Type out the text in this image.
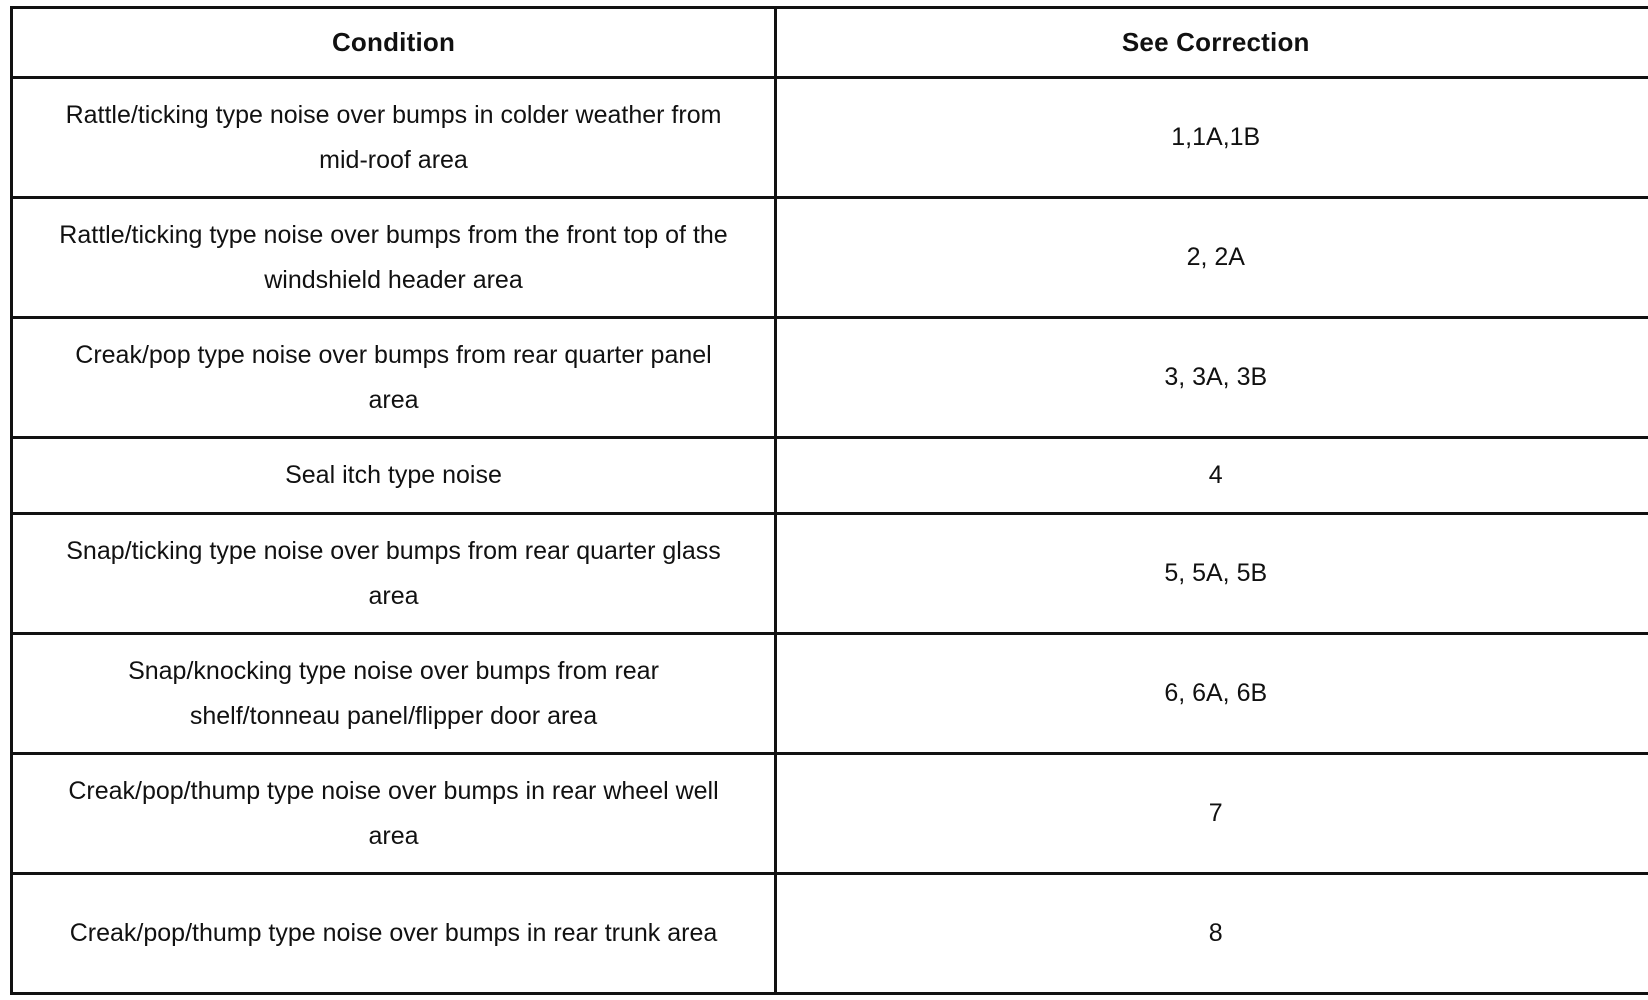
Condition	See Correction
Rattle/ticking type noise over bumps in colder weather from mid-roof area	1,1A,1B
Rattle/ticking type noise over bumps from the front top of the windshield header area	2, 2A
Creak/pop type noise over bumps from rear quarter panel area	3, 3A, 3B
Seal itch type noise	4
Snap/ticking type noise over bumps from rear quarter glass area	5, 5A, 5B
Snap/knocking type noise over bumps from rear shelf/tonneau panel/flipper door area	6, 6A, 6B
Creak/pop/thump type noise over bumps in rear wheel well area	7
Creak/pop/thump type noise over bumps in rear trunk area	8
